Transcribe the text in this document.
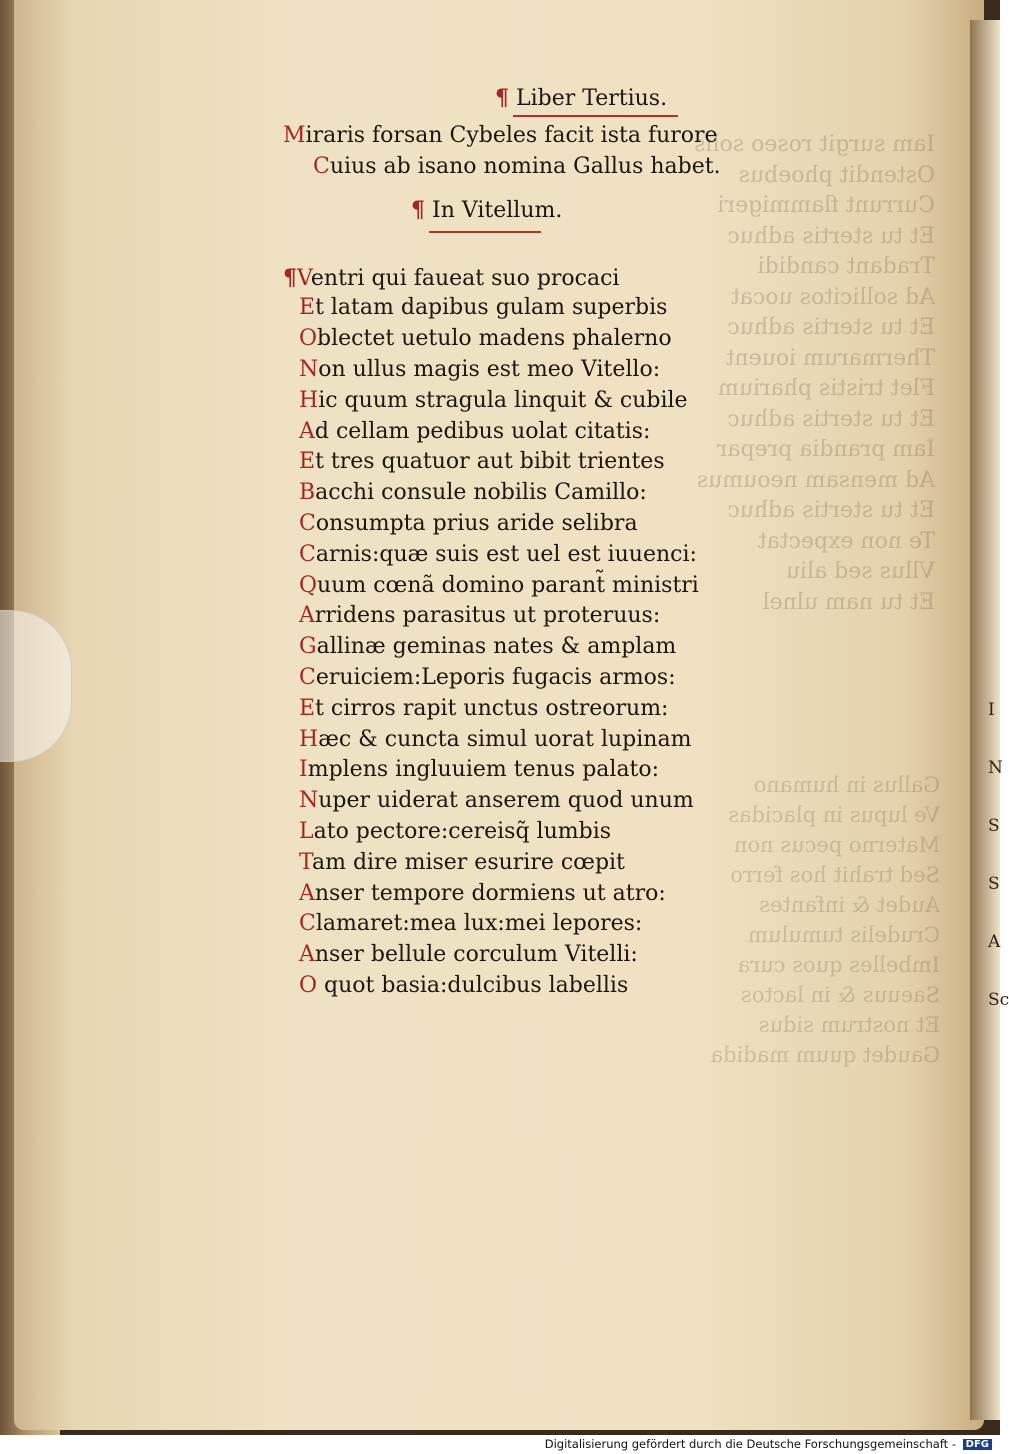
Iam surgit roseo solis
Ostendit phoebus
Currunt flammigeri
Et tu stertis adhuc
Tradant candidi
Ad sollicitos uocat
Et tu stertis adhuc
Thermarum iouent
Flet tristis pharium
Et tu stertis adhuc
Iam prandia prepar
Ad mensam neoumus
Et tu stertis adhuc
Te non expectat
Vllus sed aliu
Et tu nam ulnel
Gallus in humano
Ve lupus in placidas
Materno pecus non
Sed trahit hos ferro
Audet & infantes
Crudelis tumulum
Imbelles quos cura
Saeuus & in lactos
Et nostrum sidus
Gaudet quum madida
I
N
S
S
A
Sc
¶ Liber Tertius.
Miraris forsan Cybeles facit ista furore
Cuius ab isano nomina Gallus habet.
¶ In Vitellum.
¶Ventri qui faueat suo procaci
Et latam dapibus gulam superbis
Oblectet uetulo madens phalerno
Non ullus magis est meo Vitello:
Hic quum stragula linquit & cubile
Ad cellam pedibus uolat citatis:
Et tres quatuor aut bibit trientes
Bacchi consule nobilis Camillo:
Consumpta prius aride selibra
Carnis:quæ suis est uel est iuuenci:
Quum cœnã domino parant̃ ministri
Arridens parasitus ut proteruus:
Gallinæ geminas nates & amplam
Ceruiciem:Leporis fugacis armos:
Et cirros rapit unctus ostreorum:
Hæc & cuncta simul uorat lupinam
Implens ingluuiem tenus palato:
Nuper uiderat anserem quod unum
Lato pectore:cereisq̃ lumbis
Tam dire miser esurire cœpit
Anser tempore dormiens ut atro:
Clamaret:mea lux:mei lepores:
Anser bellule corculum Vitelli:
O quot basia:dulcibus labellis
Digitalisierung gefördert durch die Deutsche Forschungsgemeinschaft - DFG
